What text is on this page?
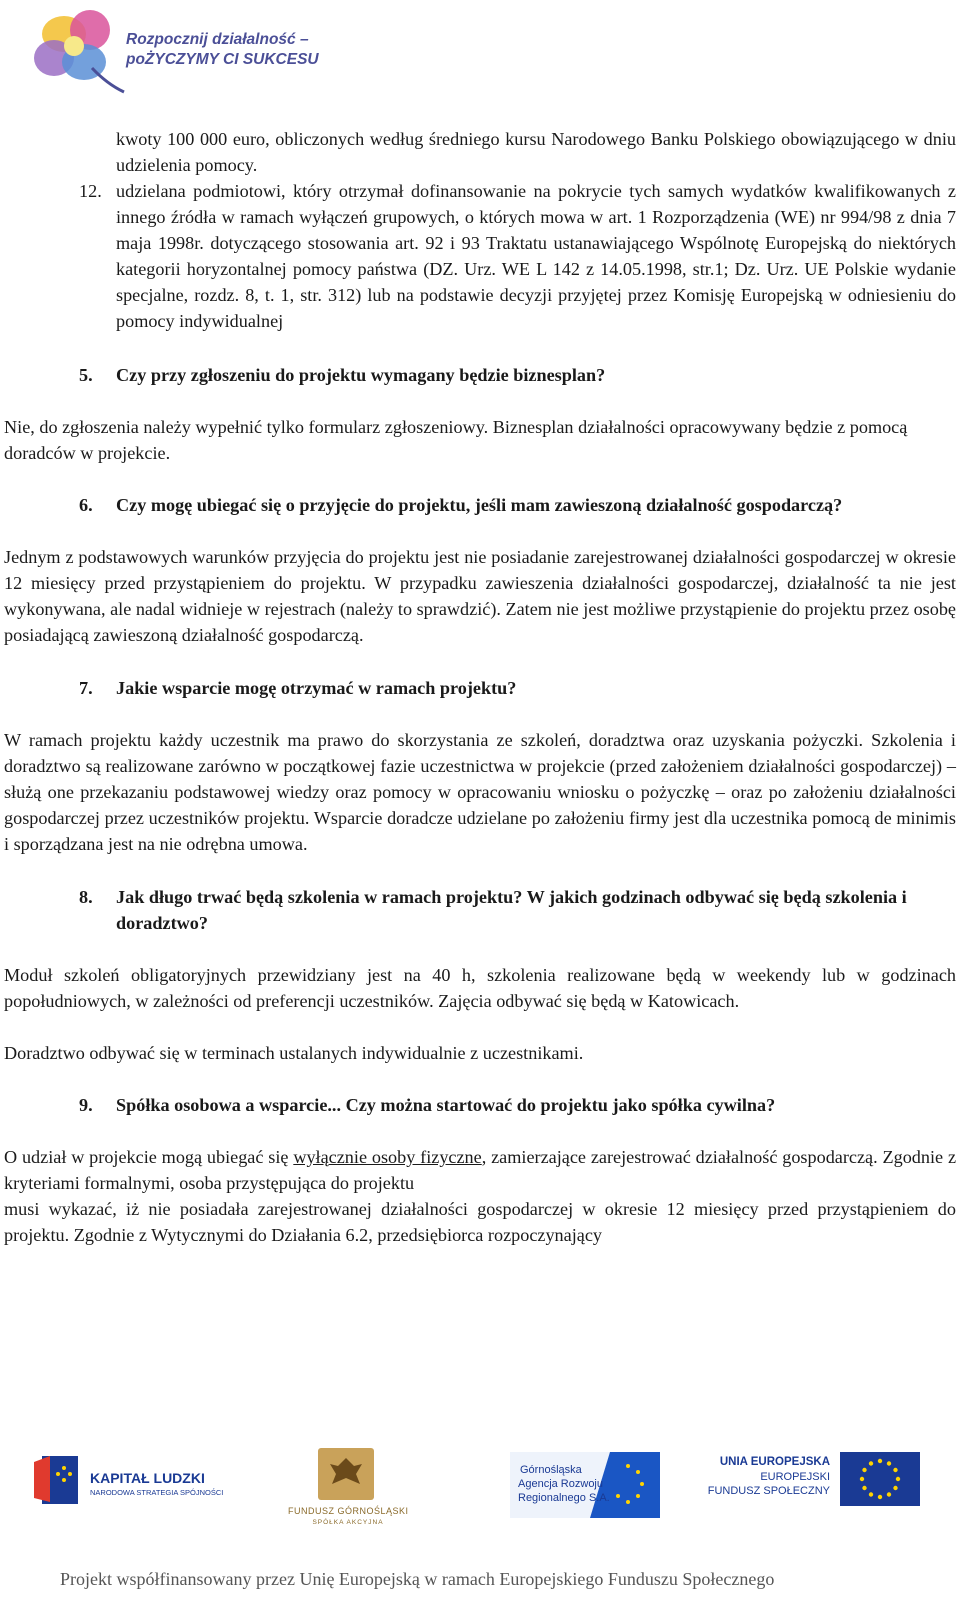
Rozpocznij działalność –
poŻYCZYMY CI SUKCESU

kwoty 100 000 euro, obliczonych według średniego kursu Narodowego Banku Polskiego obowiązującego w dniu udzielenia pomocy.

12. udzielana podmiotowi, który otrzymał dofinansowanie na pokrycie tych samych wydatków kwalifikowanych z innego źródła w ramach wyłączeń grupowych, o których mowa w art. 1 Rozporządzenia (WE) nr 994/98 z dnia 7 maja 1998r. dotyczącego stosowania art. 92 i 93 Traktatu ustanawiającego Wspólnotę Europejską do niektórych kategorii horyzontalnej pomocy państwa (DZ. Urz. WE L 142 z 14.05.1998, str.1; Dz. Urz. UE Polskie wydanie specjalne, rozdz. 8, t. 1, str. 312) lub na podstawie decyzji przyjętej przez Komisję Europejską w odniesieniu do pomocy indywidualnej

5. Czy przy zgłoszeniu do projektu wymagany będzie biznesplan?

Nie, do zgłoszenia należy wypełnić tylko formularz zgłoszeniowy. Biznesplan działalności opracowywany będzie z pomocą doradców w projekcie.

6. Czy mogę ubiegać się o przyjęcie do projektu, jeśli mam zawieszoną działalność gospodarczą?

Jednym z podstawowych warunków przyjęcia do projektu jest nie posiadanie zarejestrowanej działalności gospodarczej w okresie 12 miesięcy przed przystąpieniem do projektu. W przypadku zawieszenia działalności gospodarczej, działalność ta nie jest wykonywana, ale nadal widnieje w rejestrach (należy to sprawdzić). Zatem nie jest możliwe przystąpienie do projektu przez osobę posiadającą zawieszoną działalność gospodarczą.

7. Jakie wsparcie mogę otrzymać w ramach projektu?

W ramach projektu każdy uczestnik ma prawo do skorzystania ze szkoleń, doradztwa oraz uzyskania pożyczki. Szkolenia i doradztwo są realizowane zarówno w początkowej fazie uczestnictwa w projekcie (przed założeniem działalności gospodarczej) – służą one przekazaniu podstawowej wiedzy oraz pomocy w opracowaniu wniosku o pożyczkę – oraz po założeniu działalności gospodarczej przez uczestników projektu. Wsparcie doradcze udzielane po założeniu firmy jest dla uczestnika pomocą de minimis i sporządzana jest na nie odrębna umowa.

8. Jak długo trwać będą szkolenia w ramach projektu? W jakich godzinach odbywać się będą szkolenia i doradztwo?

Moduł szkoleń obligatoryjnych przewidziany jest na 40 h, szkolenia realizowane będą w weekendy lub w godzinach popołudniowych, w zależności od preferencji uczestników. Zajęcia odbywać się będą w Katowicach.

Doradztwo odbywać się w terminach ustalanych indywidualnie z uczestnikami.

9. Spółka osobowa a wsparcie... Czy można startować do projektu jako spółka cywilna?

O udział w projekcie mogą ubiegać się wyłącznie osoby fizyczne, zamierzające zarejestrować działalność gospodarczą. Zgodnie z kryteriami formalnymi, osoba przystępująca do projektu

musi wykazać, iż nie posiadała zarejestrowanej działalności gospodarczej w okresie 12 miesięcy przed przystąpieniem do projektu. Zgodnie z Wytycznymi do Działania 6.2, przedsiębiorca rozpoczynający

KAPITAŁ LUDZKI
NARODOWA STRATEGIA SPÓJNOŚCI
FUNDUSZ GÓRNOŚLĄSKI
SPÓŁKA AKCYJNA
Górnośląska
Agencja Rozwoju
Regionalnego S.A.
UNIA EUROPEJSKA
EUROPEJSKI
FUNDUSZ SPOŁECZNY
Projekt współfinansowany przez Unię Europejską w ramach Europejskiego Funduszu Społecznego
